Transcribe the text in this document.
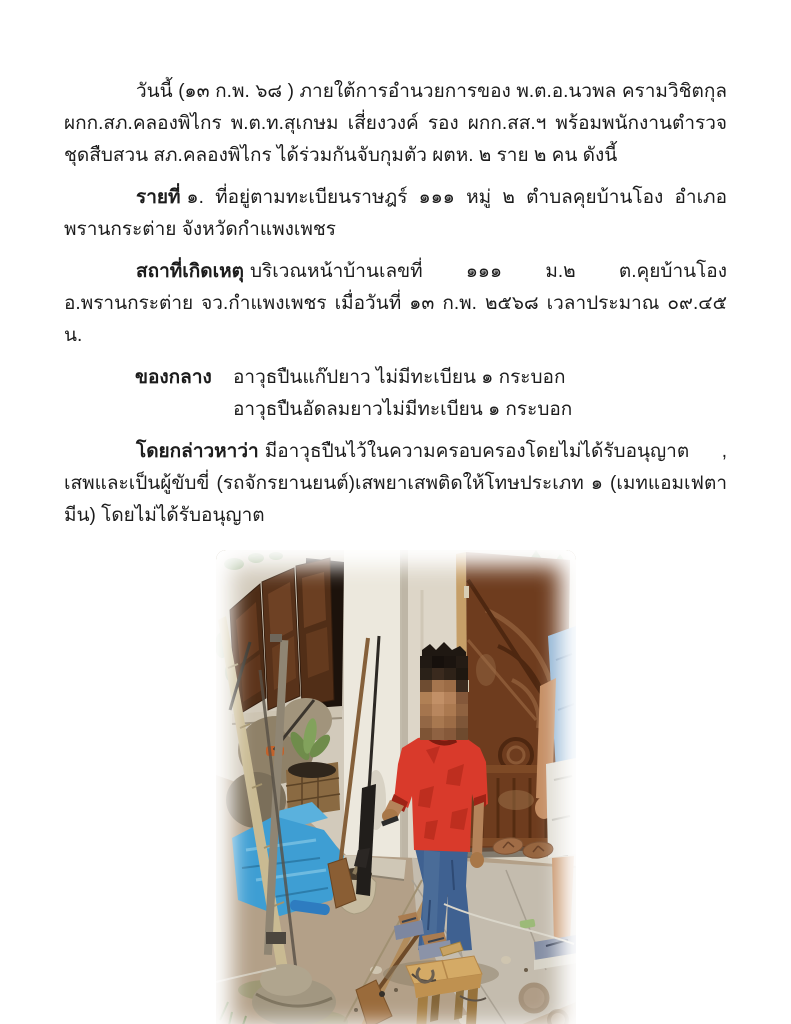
วันนี้ (๑๓ ก.พ. ๖๘ ) ภายใต้การอำนวยการของ พ.ต.อ.นวพล ครามวิชิตกุล ผกก.สภ.คลองพิไกร พ.ต.ท.สุเกษม เสี่ยงวงค์ รอง ผกก.สส.ฯ พร้อมพนักงานตำรวจ ชุดสืบสวน สภ.คลองพิไกร ได้ร่วมกันจับกุมตัว ผตห. ๒ ราย ๒ คน ดังนี้

รายที่ ๑. ที่อยู่ตามทะเบียนราษฎร์ ๑๑๑ หมู่ ๒ ตำบลคุยบ้านโอง อำเภอพรานกระต่าย จังหวัดกำแพงเพชร

สถาที่เกิดเหตุ บริเวณหน้าบ้านเลขที่ ๑๑๑ ม.๒ ต.คุยบ้านโอง อ.พรานกระต่าย จว.กำแพงเพชร เมื่อวันที่ ๑๓ ก.พ. ๒๕๖๘ เวลาประมาณ ๐๙.๔๕ น.

ของกลาง อาวุธปืนแก๊ปยาว ไม่มีทะเบียน ๑ กระบอก
อาวุธปืนอัดลมยาวไม่มีทะเบียน ๑ กระบอก

โดยกล่าวหาว่า มีอาวุธปืนไว้ในความครอบครองโดยไม่ได้รับอนุญาต , เสพและเป็นผู้ขับขี่ (รถจักรยานยนต์)เสพยาเสพติดให้โทษประเภท ๑ (เมทแอมเฟตามีน) โดยไม่ได้รับอนุญาต
